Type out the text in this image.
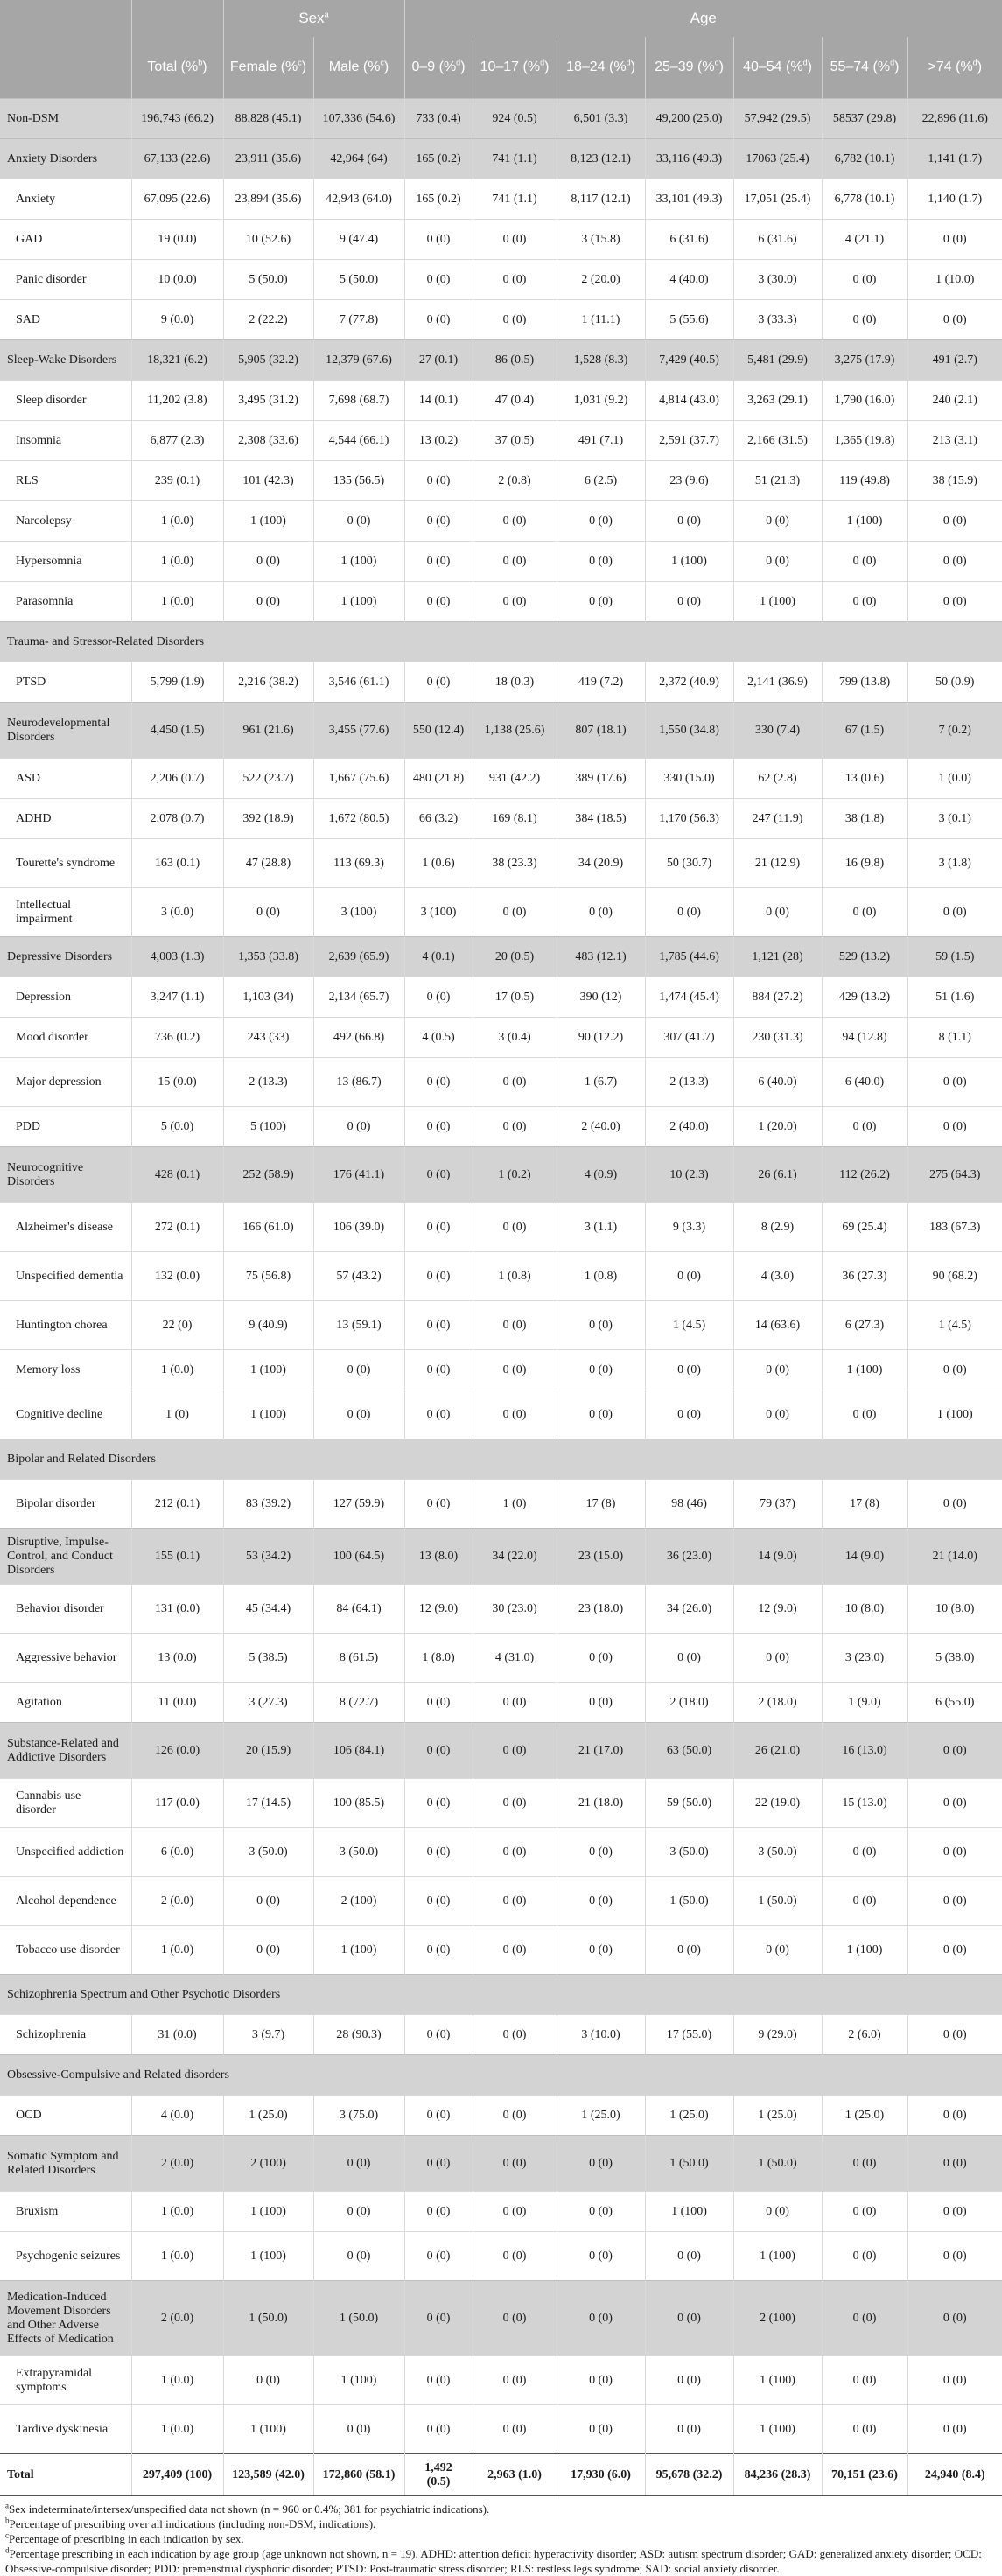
		Sex$^a$		Age						
	Total (%$^b$)	Female (%$^c$)	Male (%$^c$)	0–9 (%$^d$)	10–17 (%$^d$)	18–24 (%$^d$)	25–39 (%$^d$)	40–54 (%$^d$)	55–74 (%$^d$)	>74 (%$^d$)
Non-DSM	196,743 (66.2)	88,828 (45.1)	107,336 (54.6)	733 (0.4)	924 (0.5)	6,501 (3.3)	49,200 (25.0)	57,942 (29.5)	58537 (29.8)	22,896 (11.6)
Anxiety Disorders	67,133 (22.6)	23,911 (35.6)	42,964 (64)	165 (0.2)	741 (1.1)	8,123 (12.1)	33,116 (49.3)	17063 (25.4)	6,782 (10.1)	1,141 (1.7)
Anxiety	67,095 (22.6)	23,894 (35.6)	42,943 (64.0)	165 (0.2)	741 (1.1)	8,117 (12.1)	33,101 (49.3)	17,051 (25.4)	6,778 (10.1)	1,140 (1.7)
GAD	19 (0.0)	10 (52.6)	9 (47.4)	0 (0)	0 (0)	3 (15.8)	6 (31.6)	6 (31.6)	4 (21.1)	0 (0)
Panic disorder	10 (0.0)	5 (50.0)	5 (50.0)	0 (0)	0 (0)	2 (20.0)	4 (40.0)	3 (30.0)	0 (0)	1 (10.0)
SAD	9 (0.0)	2 (22.2)	7 (77.8)	0 (0)	0 (0)	1 (11.1)	5 (55.6)	3 (33.3)	0 (0)	0 (0)
Sleep-Wake Disorders	18,321 (6.2)	5,905 (32.2)	12,379 (67.6)	27 (0.1)	86 (0.5)	1,528 (8.3)	7,429 (40.5)	5,481 (29.9)	3,275 (17.9)	491 (2.7)
Sleep disorder	11,202 (3.8)	3,495 (31.2)	7,698 (68.7)	14 (0.1)	47 (0.4)	1,031 (9.2)	4,814 (43.0)	3,263 (29.1)	1,790 (16.0)	240 (2.1)
Insomnia	6,877 (2.3)	2,308 (33.6)	4,544 (66.1)	13 (0.2)	37 (0.5)	491 (7.1)	2,591 (37.7)	2,166 (31.5)	1,365 (19.8)	213 (3.1)
RLS	239 (0.1)	101 (42.3)	135 (56.5)	0 (0)	2 (0.8)	6 (2.5)	23 (9.6)	51 (21.3)	119 (49.8)	38 (15.9)
Narcolepsy	1 (0.0)	1 (100)	0 (0)	0 (0)	0 (0)	0 (0)	0 (0)	0 (0)	1 (100)	0 (0)
Hypersomnia	1 (0.0)	0 (0)	1 (100)	0 (0)	0 (0)	0 (0)	1 (100)	0 (0)	0 (0)	0 (0)
Parasomnia	1 (0.0)	0 (0)	1 (100)	0 (0)	0 (0)	0 (0)	0 (0)	1 (100)	0 (0)	0 (0)
Trauma- and Stressor-Related Disorders										
PTSD	5,799 (1.9)	2,216 (38.2)	3,546 (61.1)	0 (0)	18 (0.3)	419 (7.2)	2,372 (40.9)	2,141 (36.9)	799 (13.8)	50 (0.9)
Neurodevelopmental Disorders	4,450 (1.5)	961 (21.6)	3,455 (77.6)	550 (12.4)	1,138 (25.6)	807 (18.1)	1,550 (34.8)	330 (7.4)	67 (1.5)	7 (0.2)
ASD	2,206 (0.7)	522 (23.7)	1,667 (75.6)	480 (21.8)	931 (42.2)	389 (17.6)	330 (15.0)	62 (2.8)	13 (0.6)	1 (0.0)
ADHD	2,078 (0.7)	392 (18.9)	1,672 (80.5)	66 (3.2)	169 (8.1)	384 (18.5)	1,170 (56.3)	247 (11.9)	38 (1.8)	3 (0.1)
Tourette's syndrome	163 (0.1)	47 (28.8)	113 (69.3)	1 (0.6)	38 (23.3)	34 (20.9)	50 (30.7)	21 (12.9)	16 (9.8)	3 (1.8)
Intellectual impairment	3 (0.0)	0 (0)	3 (100)	3 (100)	0 (0)	0 (0)	0 (0)	0 (0)	0 (0)	0 (0)
Depressive Disorders	4,003 (1.3)	1,353 (33.8)	2,639 (65.9)	4 (0.1)	20 (0.5)	483 (12.1)	1,785 (44.6)	1,121 (28)	529 (13.2)	59 (1.5)
Depression	3,247 (1.1)	1,103 (34)	2,134 (65.7)	0 (0)	17 (0.5)	390 (12)	1,474 (45.4)	884 (27.2)	429 (13.2)	51 (1.6)
Mood disorder	736 (0.2)	243 (33)	492 (66.8)	4 (0.5)	3 (0.4)	90 (12.2)	307 (41.7)	230 (31.3)	94 (12.8)	8 (1.1)
Major depression	15 (0.0)	2 (13.3)	13 (86.7)	0 (0)	0 (0)	1 (6.7)	2 (13.3)	6 (40.0)	6 (40.0)	0 (0)
PDD	5 (0.0)	5 (100)	0 (0)	0 (0)	0 (0)	2 (40.0)	2 (40.0)	1 (20.0)	0 (0)	0 (0)
Neurocognitive Disorders	428 (0.1)	252 (58.9)	176 (41.1)	0 (0)	1 (0.2)	4 (0.9)	10 (2.3)	26 (6.1)	112 (26.2)	275 (64.3)
Alzheimer's disease	272 (0.1)	166 (61.0)	106 (39.0)	0 (0)	0 (0)	3 (1.1)	9 (3.3)	8 (2.9)	69 (25.4)	183 (67.3)
Unspecified dementia	132 (0.0)	75 (56.8)	57 (43.2)	0 (0)	1 (0.8)	1 (0.8)	0 (0)	4 (3.0)	36 (27.3)	90 (68.2)
Huntington chorea	22 (0)	9 (40.9)	13 (59.1)	0 (0)	0 (0)	0 (0)	1 (4.5)	14 (63.6)	6 (27.3)	1 (4.5)
Memory loss	1 (0.0)	1 (100)	0 (0)	0 (0)	0 (0)	0 (0)	0 (0)	0 (0)	1 (100)	0 (0)
Cognitive decline	1 (0)	1 (100)	0 (0)	0 (0)	0 (0)	0 (0)	0 (0)	0 (0)	0 (0)	1 (100)
Bipolar and Related Disorders										
Bipolar disorder	212 (0.1)	83 (39.2)	127 (59.9)	0 (0)	1 (0)	17 (8)	98 (46)	79 (37)	17 (8)	0 (0)
Disruptive, Impulse-Control, and Conduct Disorders	155 (0.1)	53 (34.2)	100 (64.5)	13 (8.0)	34 (22.0)	23 (15.0)	36 (23.0)	14 (9.0)	14 (9.0)	21 (14.0)
Behavior disorder	131 (0.0)	45 (34.4)	84 (64.1)	12 (9.0)	30 (23.0)	23 (18.0)	34 (26.0)	12 (9.0)	10 (8.0)	10 (8.0)
Aggressive behavior	13 (0.0)	5 (38.5)	8 (61.5)	1 (8.0)	4 (31.0)	0 (0)	0 (0)	0 (0)	3 (23.0)	5 (38.0)
Agitation	11 (0.0)	3 (27.3)	8 (72.7)	0 (0)	0 (0)	0 (0)	2 (18.0)	2 (18.0)	1 (9.0)	6 (55.0)
Substance-Related and Addictive Disorders	126 (0.0)	20 (15.9)	106 (84.1)	0 (0)	0 (0)	21 (17.0)	63 (50.0)	26 (21.0)	16 (13.0)	0 (0)
Cannabis use disorder	117 (0.0)	17 (14.5)	100 (85.5)	0 (0)	0 (0)	21 (18.0)	59 (50.0)	22 (19.0)	15 (13.0)	0 (0)
Unspecified addiction	6 (0.0)	3 (50.0)	3 (50.0)	0 (0)	0 (0)	0 (0)	3 (50.0)	3 (50.0)	0 (0)	0 (0)
Alcohol dependence	2 (0.0)	0 (0)	2 (100)	0 (0)	0 (0)	0 (0)	1 (50.0)	1 (50.0)	0 (0)	0 (0)
Tobacco use disorder	1 (0.0)	0 (0)	1 (100)	0 (0)	0 (0)	0 (0)	0 (0)	0 (0)	1 (100)	0 (0)
Schizophrenia Spectrum and Other Psychotic Disorders										
Schizophrenia	31 (0.0)	3 (9.7)	28 (90.3)	0 (0)	0 (0)	3 (10.0)	17 (55.0)	9 (29.0)	2 (6.0)	0 (0)
Obsessive-Compulsive and Related disorders										
OCD	4 (0.0)	1 (25.0)	3 (75.0)	0 (0)	0 (0)	1 (25.0)	1 (25.0)	1 (25.0)	1 (25.0)	0 (0)
Somatic Symptom and Related Disorders	2 (0.0)	2 (100)	0 (0)	0 (0)	0 (0)	0 (0)	1 (50.0)	1 (50.0)	0 (0)	0 (0)
Bruxism	1 (0.0)	1 (100)	0 (0)	0 (0)	0 (0)	0 (0)	1 (100)	0 (0)	0 (0)	0 (0)
Psychogenic seizures	1 (0.0)	1 (100)	0 (0)	0 (0)	0 (0)	0 (0)	0 (0)	1 (100)	0 (0)	0 (0)
Medication-Induced Movement Disorders and Other Adverse Effects of Medication	2 (0.0)	1 (50.0)	1 (50.0)	0 (0)	0 (0)	0 (0)	0 (0)	2 (100)	0 (0)	0 (0)
Extrapyramidal symptoms	1 (0.0)	0 (0)	1 (100)	0 (0)	0 (0)	0 (0)	0 (0)	1 (100)	0 (0)	0 (0)
Tardive dyskinesia	1 (0.0)	1 (100)	0 (0)	0 (0)	0 (0)	0 (0)	0 (0)	1 (100)	0 (0)	0 (0)
Total	297,409 (100)	123,589 (42.0)	172,860 (58.1)	1,492 (0.5)	2,963 (1.0)	17,930 (6.0)	95,678 (32.2)	84,236 (28.3)	70,151 (23.6)	24,940 (8.4)

$^a$Sex indeterminate/intersex/unspecified data not shown (n = 960 or 0.4%; 381 for psychiatric indications).

$^b$Percentage of prescribing over all indications (including non-DSM, indications).

$^c$Percentage of prescribing in each indication by sex.

$^d$Percentage prescribing in each indication by age group (age unknown not shown, n = 19). ADHD: attention deficit hyperactivity disorder; ASD: autism spectrum disorder; GAD: generalized anxiety disorder; OCD: Obsessive-compulsive disorder; PDD: premenstrual dysphoric disorder; PTSD: Post-traumatic stress disorder; RLS: restless legs syndrome; SAD: social anxiety disorder.
